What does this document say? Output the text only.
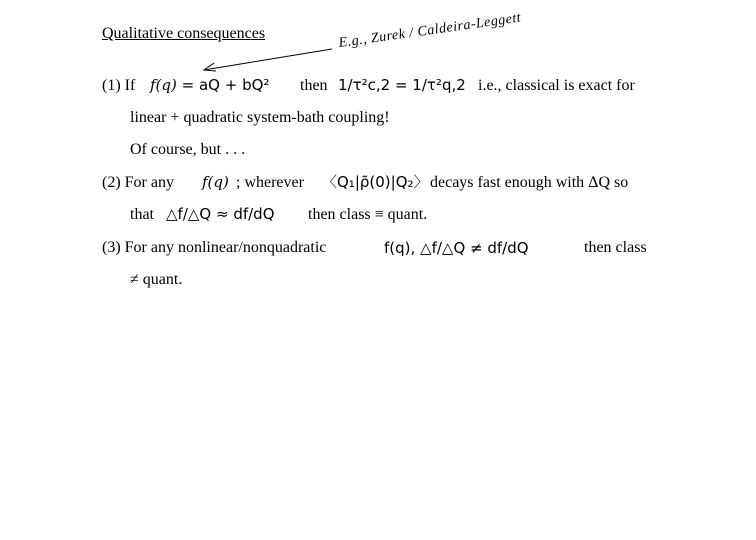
Qualitative consequences	E.g., Zurek / Caldeira-Leggett
(1) If f(q) = aQ + bQ² then 1/τ²c,2 = 1/τ²q,2 i.e., classical is exact for
linear + quadratic system-bath coupling!
Of course, but . . .
(2) For any f(q) ; wherever 〈Q₁|ρ̃(0)|Q₂〉 decays fast enough with ΔQ so
that △f/△Q ≈ df/dQ then class ≡ quant.
(3) For any nonlinear/nonquadratic	f(q), △f/△Q ≠ df/dQ	then class
≠ quant.
